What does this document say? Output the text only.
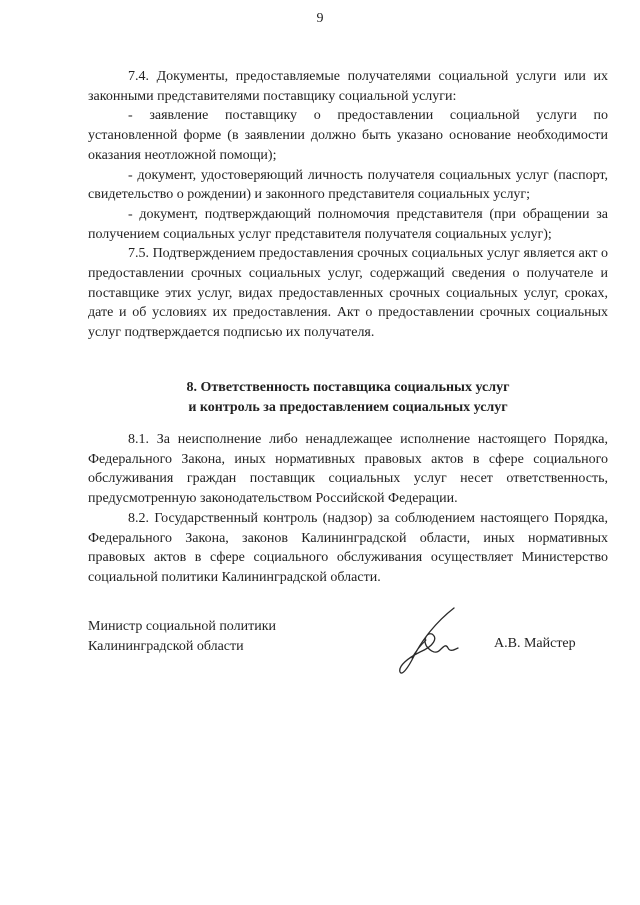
9

7.4. Документы, предоставляемые получателями социальной услуги или их законными представителями поставщику социальной услуги:

- заявление поставщику о предоставлении социальной услуги по установленной форме (в заявлении должно быть указано основание необходимости оказания неотложной помощи);

- документ, удостоверяющий личность получателя социальных услуг (паспорт, свидетельство о рождении) и законного представителя социальных услуг;

- документ, подтверждающий полномочия представителя (при обращении за получением социальных услуг представителя получателя социальных услуг);

7.5. Подтверждением предоставления срочных социальных услуг является акт о предоставлении срочных социальных услуг, содержащий сведения о получателе и поставщике этих услуг, видах предоставленных срочных социальных услуг, сроках, дате и об условиях их предоставления. Акт о предоставлении срочных социальных услуг подтверждается подписью их получателя.

8. Ответственность поставщика социальных услуг
и контроль за предоставлением социальных услуг

8.1. За неисполнение либо ненадлежащее исполнение настоящего Порядка, Федерального Закона, иных нормативных правовых актов в сфере социального обслуживания граждан поставщик социальных услуг несет ответственность, предусмотренную законодательством Российской Федерации.

8.2. Государственный контроль (надзор) за соблюдением настоящего Порядка, Федерального Закона, законов Калининградской области, иных нормативных правовых актов в сфере социального обслуживания осуществляет Министерство социальной политики Калининградской области.

Министр социальной политики
Калининградской области	А.В. Майстер
